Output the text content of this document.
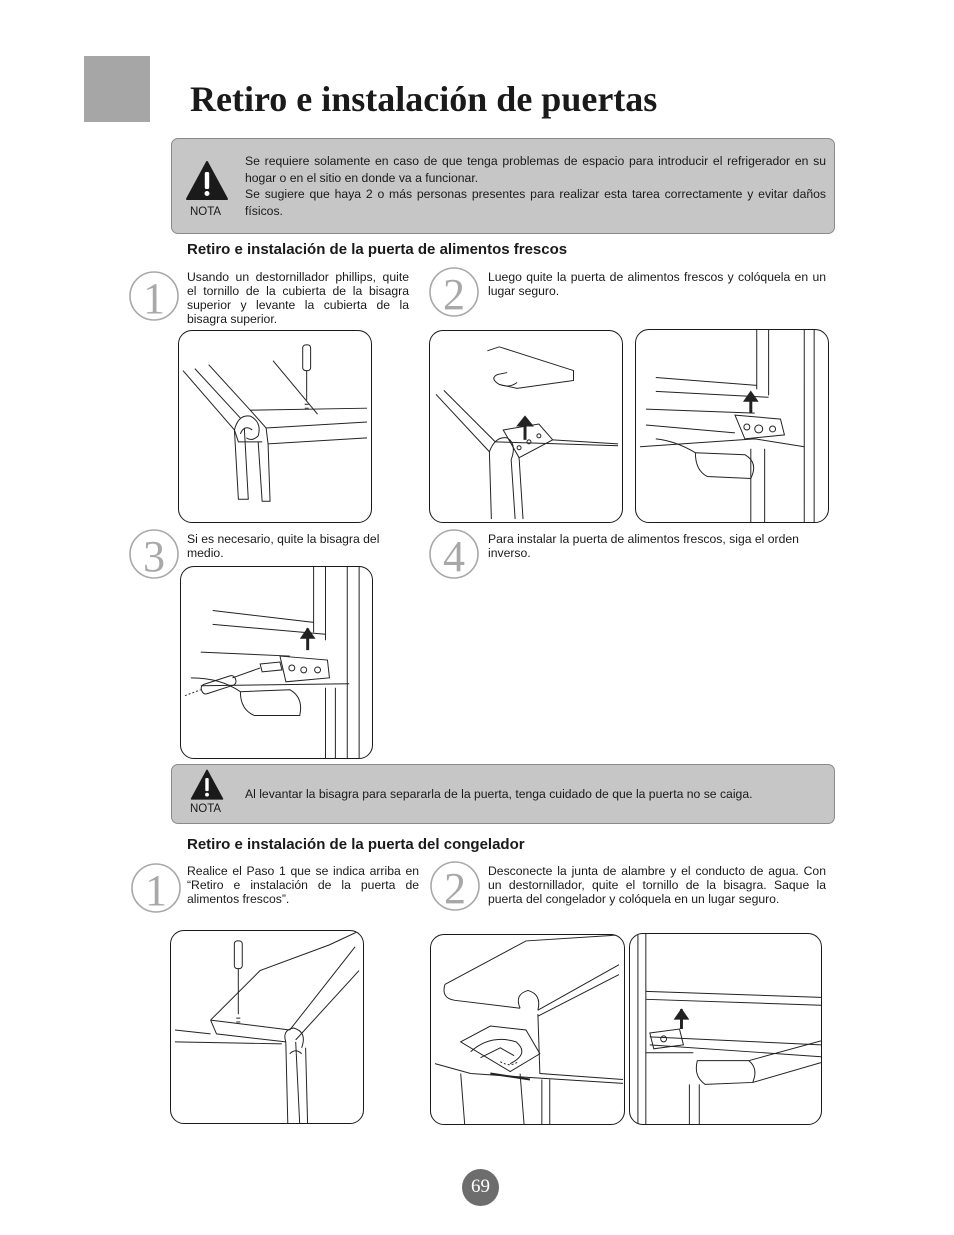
Retiro e instalación de puertas
NOTA
Se requiere solamente en caso de que tenga problemas de espacio para introducir el refrigerador en su hogar o en el sitio en donde va a funcionar.
Se sugiere que haya 2 o más personas presentes para realizar esta tarea correctamente y evitar daños físicos.
Retiro e instalación de la puerta de alimentos frescos
1 Usando un destornillador phillips, quite el tornillo de la cubierta de la bisagra superior y levante la cubierta de la bisagra superior.	2 Luego quite la puerta de alimentos frescos y colóquela en un lugar seguro.
3 Si es necesario, quite la bisagra del medio.	4 Para instalar la puerta de alimentos frescos, siga el orden inverso.
NOTA
Al levantar la bisagra para separarla de la puerta, tenga cuidado de que la puerta no se caiga.
Retiro e instalación de la puerta del congelador
1 Realice el Paso 1 que se indica arriba en “Retiro e instalación de la puerta de alimentos frescos”.	2 Desconecte la junta de alambre y el conducto de agua. Con un destornillador, quite el tornillo de la bisagra. Saque la puerta del congelador y colóquela en un lugar seguro.
69
